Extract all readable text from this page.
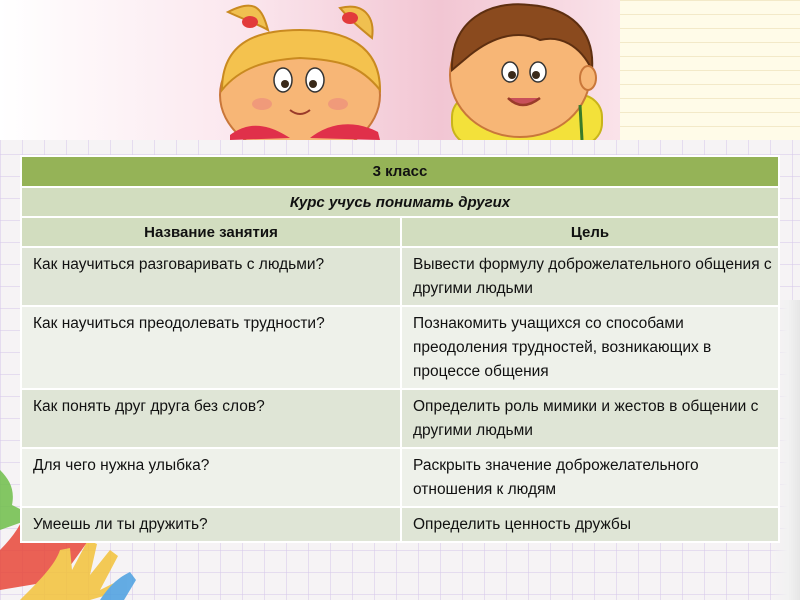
3 класс	
Курс учусь понимать других	
Название занятия	Цель

Как научиться разговаривать с людьми?	Вывести формулу доброжелательного общения с другими людьми

Как научиться преодолевать трудности?	Познакомить учащихся со способами преодоления трудностей, возникающих в процессе общения

Как понять друг друга без слов?	Определить роль мимики и жестов в общении с другими людьми

Для чего нужна улыбка?	Раскрыть значение доброжелательного отношения к людям

Умеешь ли ты дружить?	Определить ценность дружбы
